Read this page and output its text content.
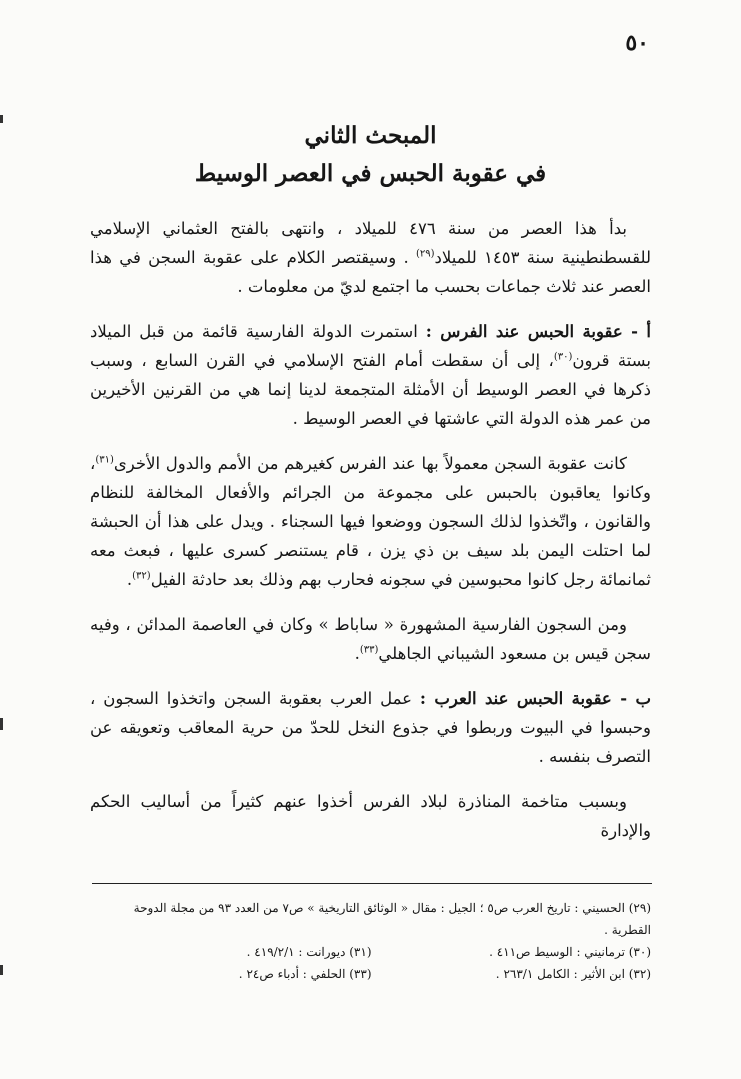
٥٠
المبحث الثاني
في عقوبة الحبس في العصر الوسيط

بدأ هذا العصر من سنة ٤٧٦ للميلاد ، وانتهى بالفتح العثماني الإسلامي للقسطنطينية سنة ١٤٥٣ للميلاد$^{(٢٩)}$ . وسيقتصر الكلام على عقوبة السجن في هذا العصر عند ثلاث جماعات بحسب ما اجتمع لديّ من معلومات .

أ - عقوبة الحبس عند الفرس : استمرت الدولة الفارسية قائمة من قبل الميلاد بستة قرون$^{(٣٠)}$، إلى أن سقطت أمام الفتح الإسلامي في القرن السابع ، وسبب ذكرها في العصر الوسيط أن الأمثلة المتجمعة لدينا إنما هي من القرنين الأخيرين من عمر هذه الدولة التي عاشتها في العصر الوسيط .

كانت عقوبة السجن معمولاً بها عند الفرس كغيرهم من الأمم والدول الأخرى$^{(٣١)}$، وكانوا يعاقبون بالحبس على مجموعة من الجرائم والأفعال المخالفة للنظام والقانون ، واتّخذوا لذلك السجون ووضعوا فيها السجناء . ويدل على هذا أن الحبشة لما احتلت اليمن بلد سيف بن ذي يزن ، قام يستنصر كسرى عليها ، فبعث معه ثمانمائة رجل كانوا محبوسين في سجونه فحارب بهم وذلك بعد حادثة الفيل$^{(٣٢)}$.

ومن السجون الفارسية المشهورة « ساباط » وكان في العاصمة المدائن ، وفيه سجن قيس بن مسعود الشيباني الجاهلي$^{(٣٣)}$.

ب - عقوبة الحبس عند العرب : عمل العرب بعقوبة السجن واتخذوا السجون ، وحبسوا في البيوت وربطوا في جذوع النخل للحدّ من حرية المعاقب وتعويقه عن التصرف بنفسه .

وبسبب متاخمة المناذرة لبلاد الفرس أخذوا عنهم كثيراً من أساليب الحكم والإدارة

(٢٩) الحسيني : تاريخ العرب ص٥ ؛ الجيل : مقال « الوثائق التاريخية » ص٧ من العدد ٩٣ من مجلة الدوحة القطرية .
(٣٠) ترمانيني : الوسيط ص٤١١ .
(٣١) ديورانت : ٤١٩/٢/١ .
(٣٢) ابن الأثير : الكامل ٢٦٣/١ .
(٣٣) الحلفي : أدباء ص٢٤ .
